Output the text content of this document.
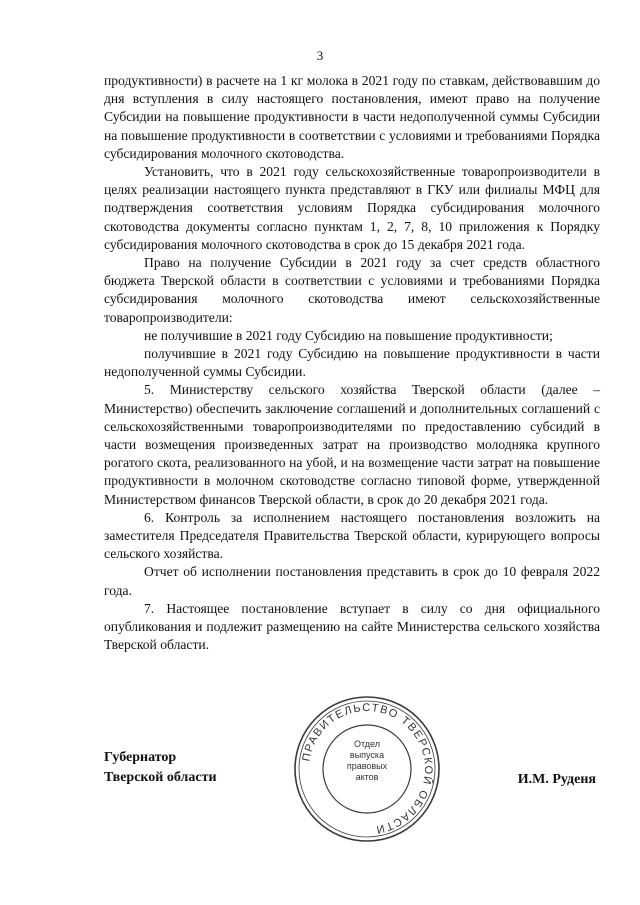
3

продуктивности) в расчете на 1 кг молока в 2021 году по ставкам, действовавшим до дня вступления в силу настоящего постановления, имеют право на получение Субсидии на повышение продуктивности в части недополученной суммы Субсидии на повышение продуктивности в соответствии с условиями и требованиями Порядка субсидирования молочного скотоводства.

Установить, что в 2021 году сельскохозяйственные товаропроизводители в целях реализации настоящего пункта представляют в ГКУ или филиалы МФЦ для подтверждения соответствия условиям Порядка субсидирования молочного скотоводства документы согласно пунктам 1, 2, 7, 8, 10 приложения к Порядку субсидирования молочного скотоводства в срок до 15 декабря 2021 года.

Право на получение Субсидии в 2021 году за счет средств областного бюджета Тверской области в соответствии с условиями и требованиями Порядка субсидирования молочного скотоводства имеют сельскохозяйственные товаропроизводители:

не получившие в 2021 году Субсидию на повышение продуктивности;

получившие в 2021 году Субсидию на повышение продуктивности в части недополученной суммы Субсидии.

5. Министерству сельского хозяйства Тверской области (далее – Министерство) обеспечить заключение соглашений и дополнительных соглашений с сельскохозяйственными товаропроизводителями по предоставлению субсидий в части возмещения произведенных затрат на производство молодняка крупного рогатого скота, реализованного на убой, и на возмещение части затрат на повышение продуктивности в молочном скотоводстве согласно типовой форме, утвержденной Министерством финансов Тверской области, в срок до 20 декабря 2021 года.

6. Контроль за исполнением настоящего постановления возложить на заместителя Председателя Правительства Тверской области, курирующего вопросы сельского хозяйства.

Отчет об исполнении постановления представить в срок до 10 февраля 2022 года.

7. Настоящее постановление вступает в силу со дня официального опубликования и подлежит размещению на сайте Министерства сельского хозяйства Тверской области.

Губернатор
Тверской области
ПРАВИТЕЛЬСТВО ТВЕРСКОЙ ОБЛАСТИ
Отдел
выпуска
правовых
актов	И.М. Руденя
